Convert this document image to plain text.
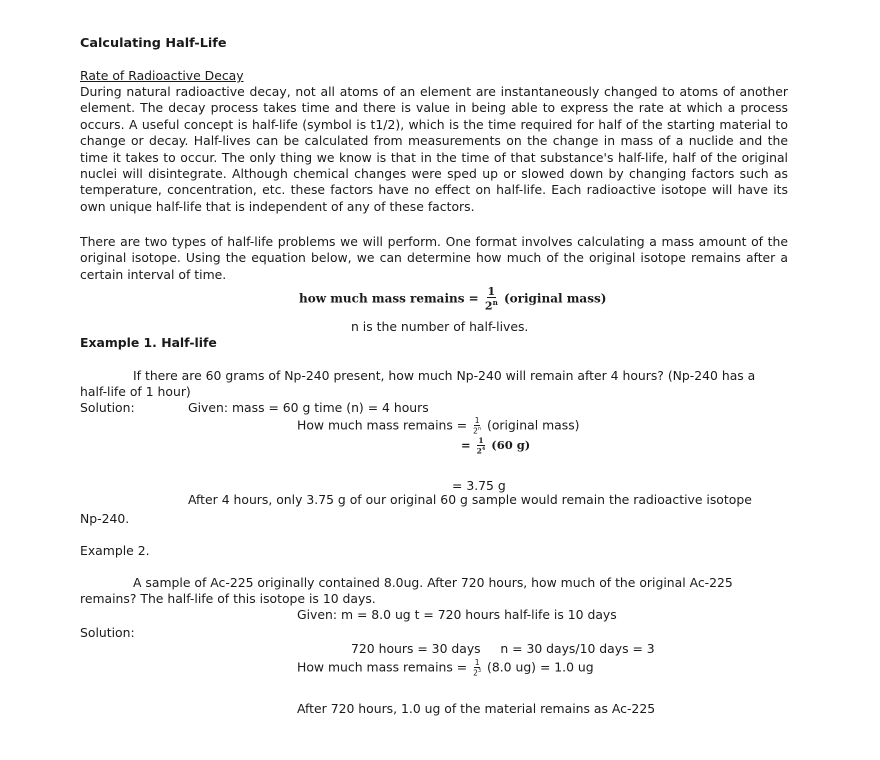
Calculating Half-Life
Rate of Radioactive Decay
During natural radioactive decay, not all atoms of an element are instantaneously changed to atoms of another element. The decay process takes time and there is value in being able to express the rate at which a process occurs. A useful concept is half-life (symbol is t1/2), which is the time required for half of the starting material to change or decay. Half-lives can be calculated from measurements on the change in mass of a nuclide and the time it takes to occur. The only thing we know is that in the time of that substance's half-life, half of the original nuclei will disintegrate. Although chemical changes were sped up or slowed down by changing factors such as temperature, concentration, etc. these factors have no effect on half-life. Each radioactive isotope will have its own unique half-life that is independent of any of these factors.
There are two types of half-life problems we will perform. One format involves calculating a mass amount of the original isotope. Using the equation below, we can determine how much of the original isotope remains after a certain interval of time.
how much mass remains = $\frac{1}{2^n}$ (original mass)
n is the number of half-lives.
Example 1. Half-life
If there are 60 grams of Np-240 present, how much Np-240 will remain after 4 hours? (Np-240 has a
half-life of 1 hour)
Solution:	Given: mass = 60 g time (n) = 4 hours
How much mass remains = $\frac{1}{2^n}$ (original mass)
= $\frac{1}{2^4} (60$ g)
= 3.75 g
After 4 hours, only 3.75 g of our original 60 g sample would remain the radioactive isotope
Np-240.
Example 2.
A sample of Ac-225 originally contained 8.0ug. After 720 hours, how much of the original Ac-225
remains? The half-life of this isotope is 10 days.
Given: m = 8.0 ug t = 720 hours half-life is 10 days
Solution:
720 hours = 30 days     n = 30 days/10 days = 3
How much mass remains = $\frac{1}{2^3} (8.0$ ug) = 1.0 ug
After 720 hours, 1.0 ug of the material remains as Ac-225
